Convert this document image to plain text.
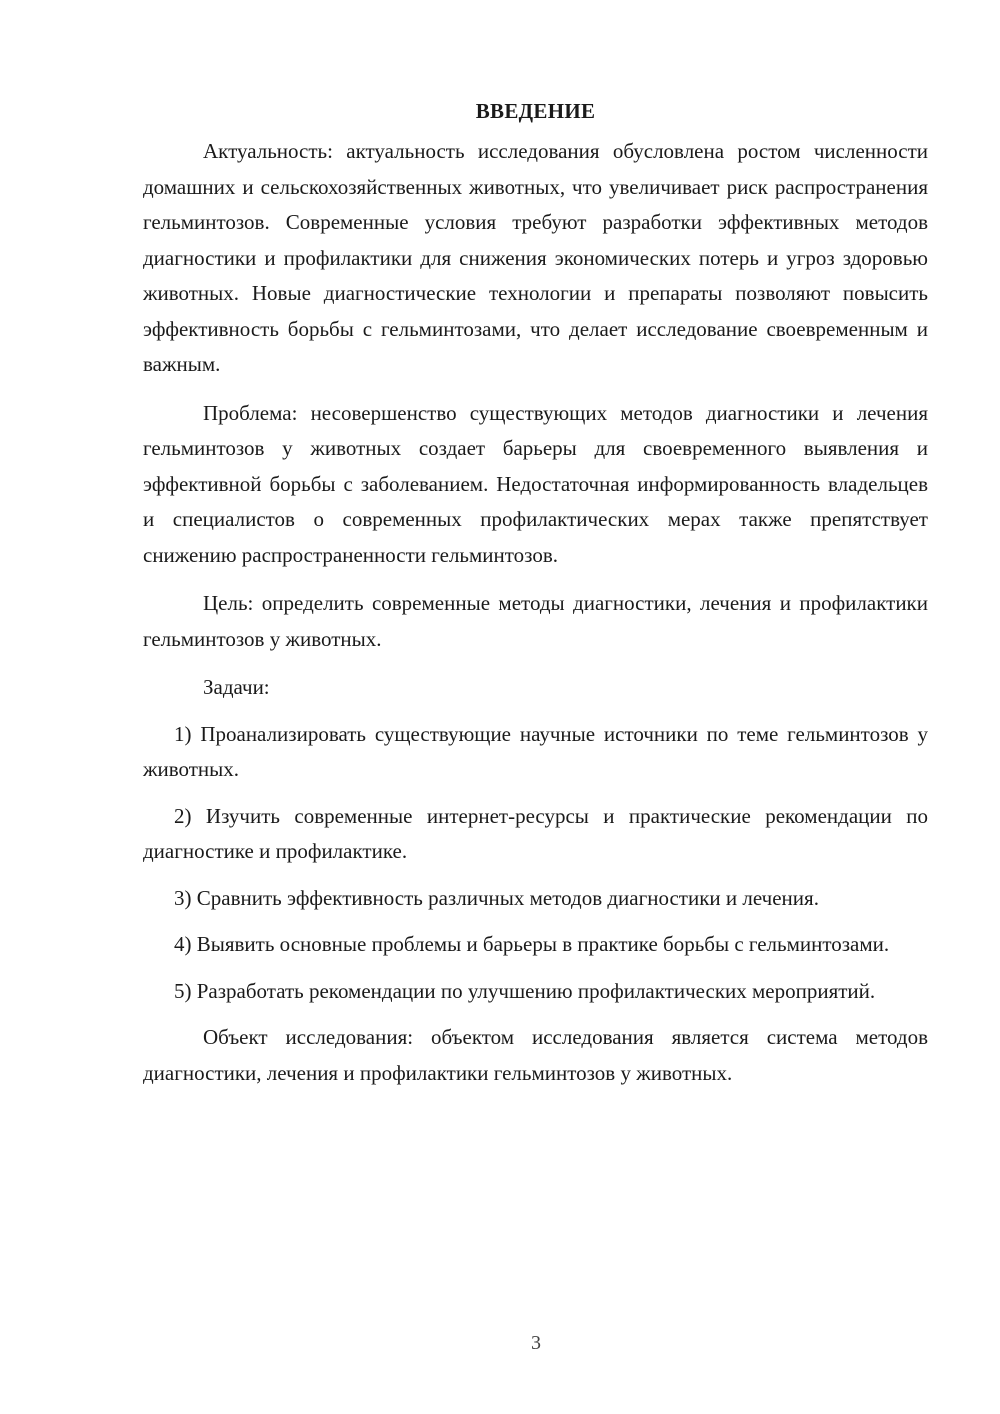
ВВЕДЕНИЕ

Актуальность: актуальность исследования обусловлена ростом численности домашних и сельскохозяйственных животных, что увеличивает риск распространения гельминтозов. Современные условия требуют разработки эффективных методов диагностики и профилактики для снижения экономических потерь и угроз здоровью животных. Новые диагностические технологии и препараты позволяют повысить эффективность борьбы с гельминтозами, что делает исследование своевременным и важным.

Проблема: несовершенство существующих методов диагностики и лечения гельминтозов у животных создает барьеры для своевременного выявления и эффективной борьбы с заболеванием. Недостаточная информированность владельцев и специалистов о современных профилактических мерах также препятствует снижению распространенности гельминтозов.

Цель: определить современные методы диагностики, лечения и профилактики гельминтозов у животных.

Задачи:

1) Проанализировать существующие научные источники по теме гельминтозов у животных.

2) Изучить современные интернет-ресурсы и практические рекомендации по диагностике и профилактике.

3) Сравнить эффективность различных методов диагностики и лечения.

4) Выявить основные проблемы и барьеры в практике борьбы с гельминтозами.

5) Разработать рекомендации по улучшению профилактических мероприятий.

Объект исследования: объектом исследования является система методов диагностики, лечения и профилактики гельминтозов у животных.

3
